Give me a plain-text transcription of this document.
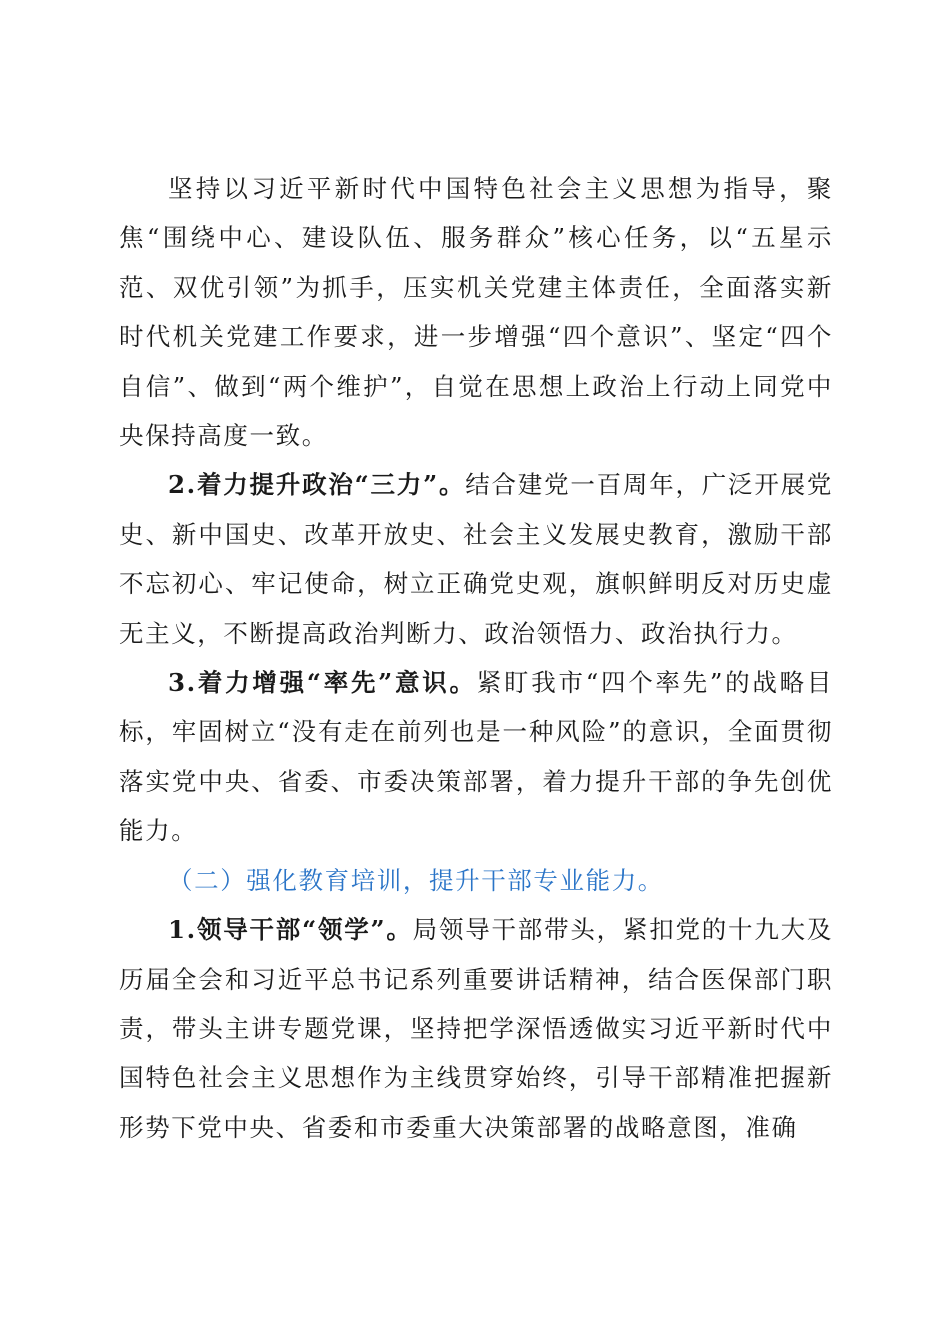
坚持以习近平新时代中国特色社会主义思想为指导，聚焦“围绕中心、建设队伍、服务群众”核心任务，以“五星示范、双优引领”为抓手，压实机关党建主体责任，全面落实新时代机关党建工作要求，进一步增强“四个意识”、坚定“四个自信”、做到“两个维护”，自觉在思想上政治上行动上同党中央保持高度一致。

2.着力提升政治“三力”。结合建党一百周年，广泛开展党史、新中国史、改革开放史、社会主义发展史教育，激励干部不忘初心、牢记使命，树立正确党史观，旗帜鲜明反对历史虚无主义，不断提高政治判断力、政治领悟力、政治执行力。

3.着力增强“率先”意识。紧盯我市“四个率先”的战略目标，牢固树立“没有走在前列也是一种风险”的意识，全面贯彻落实党中央、省委、市委决策部署，着力提升干部的争先创优能力。

（二）强化教育培训，提升干部专业能力。

1.领导干部“领学”。局领导干部带头，紧扣党的十九大及历届全会和习近平总书记系列重要讲话精神，结合医保部门职责，带头主讲专题党课，坚持把学深悟透做实习近平新时代中国特色社会主义思想作为主线贯穿始终，引导干部精准把握新形势下党中央、省委和市委重大决策部署的战略意图，准确
